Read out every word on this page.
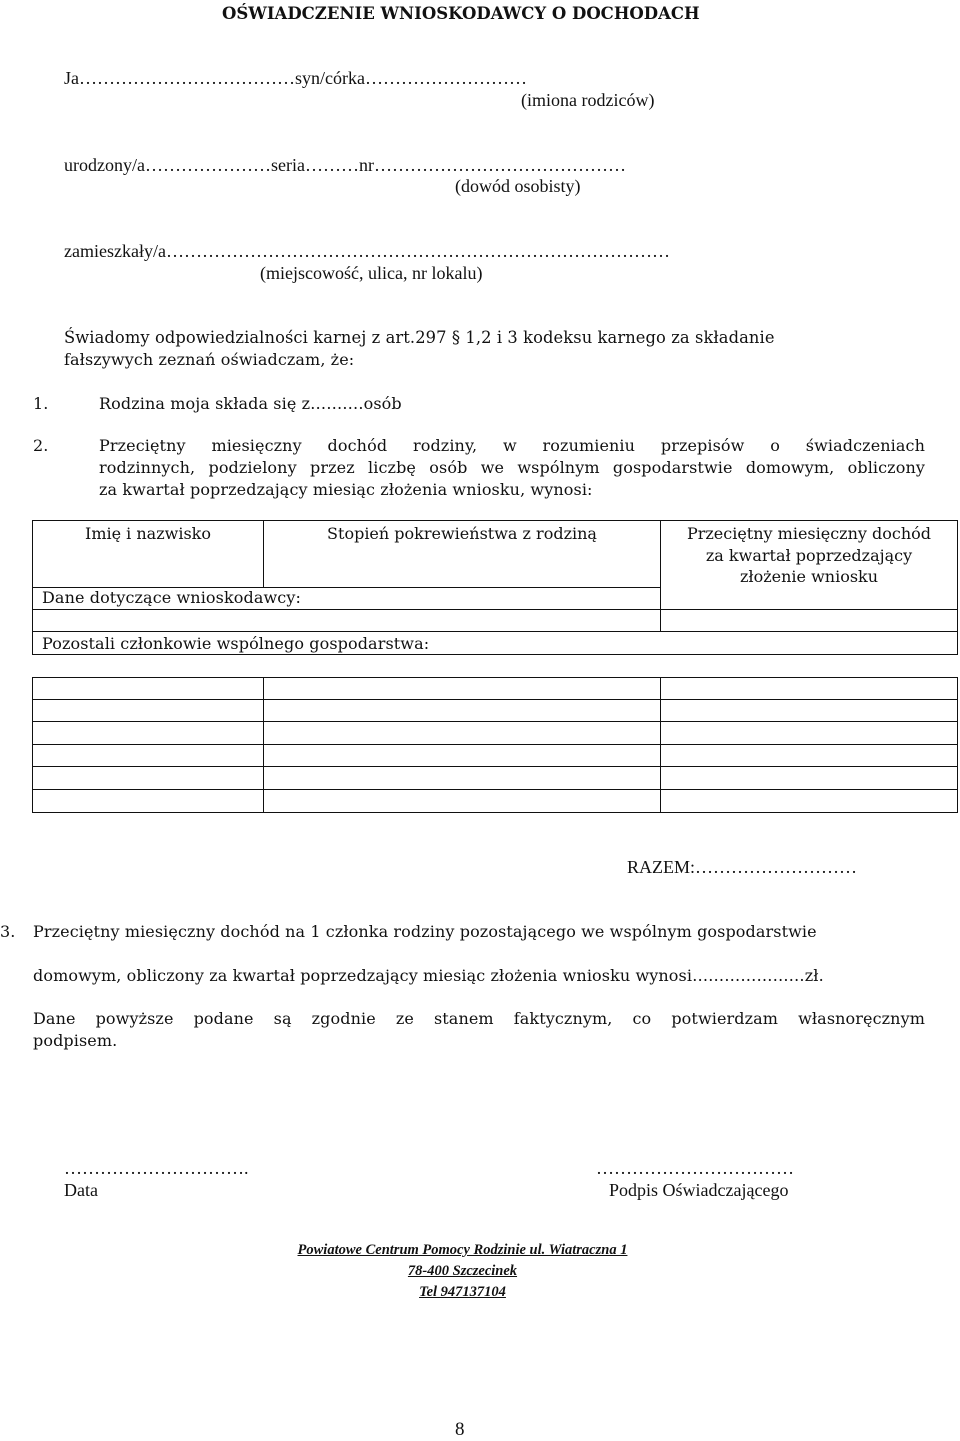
OŚWIADCZENIE WNIOSKODAWCY O DOCHODACH
Ja………………………………syn/córka………………………
(imiona rodziców)
urodzony/a…………………seria………nr……………………………………
(dowód osobisty)
zamieszkały/a…………………………………………………………………………
(miejscowość, ulica, nr lokalu)
Świadomy odpowiedzialności karnej z art.297 § 1,2 i 3 kodeksu karnego za składanie
fałszywych zeznań oświadczam, że:
1.	Rodzina moja składa się z……….osób
2.	Przeciętny miesięczny dochód rodziny, w rozumieniu przepisów o świadczeniach
rodzinnych, podzielony przez liczbę osób we wspólnym gospodarstwie domowym, obliczony
za kwartał poprzedzający miesiąc złożenia wniosku, wynosi:
Imię i nazwisko	Stopień pokrewieństwa z rodziną	Przeciętny miesięczny dochód
za kwartał poprzedzający
złożenie wniosku
Dane dotyczące wnioskodawcy:
Pozostali członkowie wspólnego gospodarstwa:
RAZEM:………………………
3. Przeciętny miesięczny dochód na 1 członka rodziny pozostającego we wspólnym gospodarstwie
domowym, obliczony za kwartał poprzedzający miesiąc złożenia wniosku wynosi…………………zł.
Dane powyższe podane są zgodnie ze stanem faktycznym, co potwierdzam własnoręcznym
podpisem.
………………………….
Data
……………………………
Podpis Oświadczającego
Powiatowe Centrum Pomocy Rodzinie ul. Wiatraczna 1
78-400 Szczecinek
Tel 947137104
8
